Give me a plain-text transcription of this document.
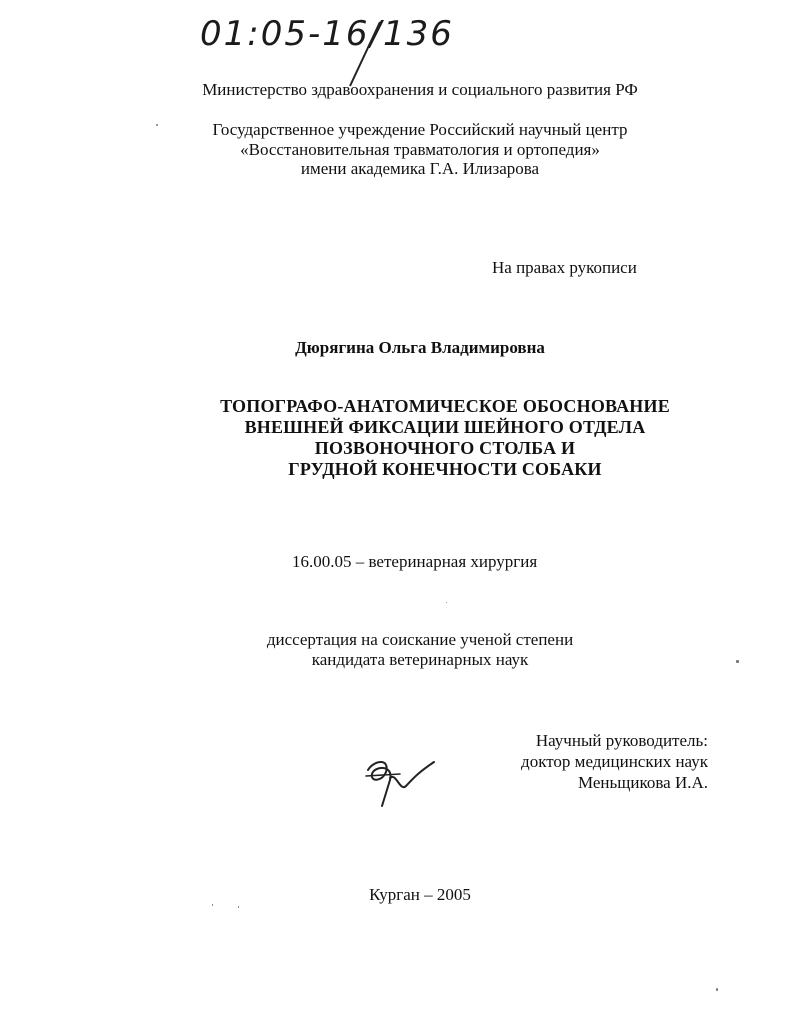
01:05-16/136
Министерство здравоохранения и социального развития РФ
Государственное учреждение Российский научный центр
«Восстановительная травматология и ортопедия»
имени академика Г.А. Илизарова
На правах рукописи
Дюрягина Ольга Владимировна
ТОПОГРАФО-АНАТОМИЧЕСКОЕ ОБОСНОВАНИЕ
ВНЕШНЕЙ ФИКСАЦИИ ШЕЙНОГО ОТДЕЛА
ПОЗВОНОЧНОГО СТОЛБА И
ГРУДНОЙ КОНЕЧНОСТИ СОБАКИ
16.00.05 – ветеринарная хирургия
диссертация на соискание ученой степени
кандидата ветеринарных наук
Научный руководитель:
доктор медицинских наук
Меньщикова И.А.
Курган – 2005
